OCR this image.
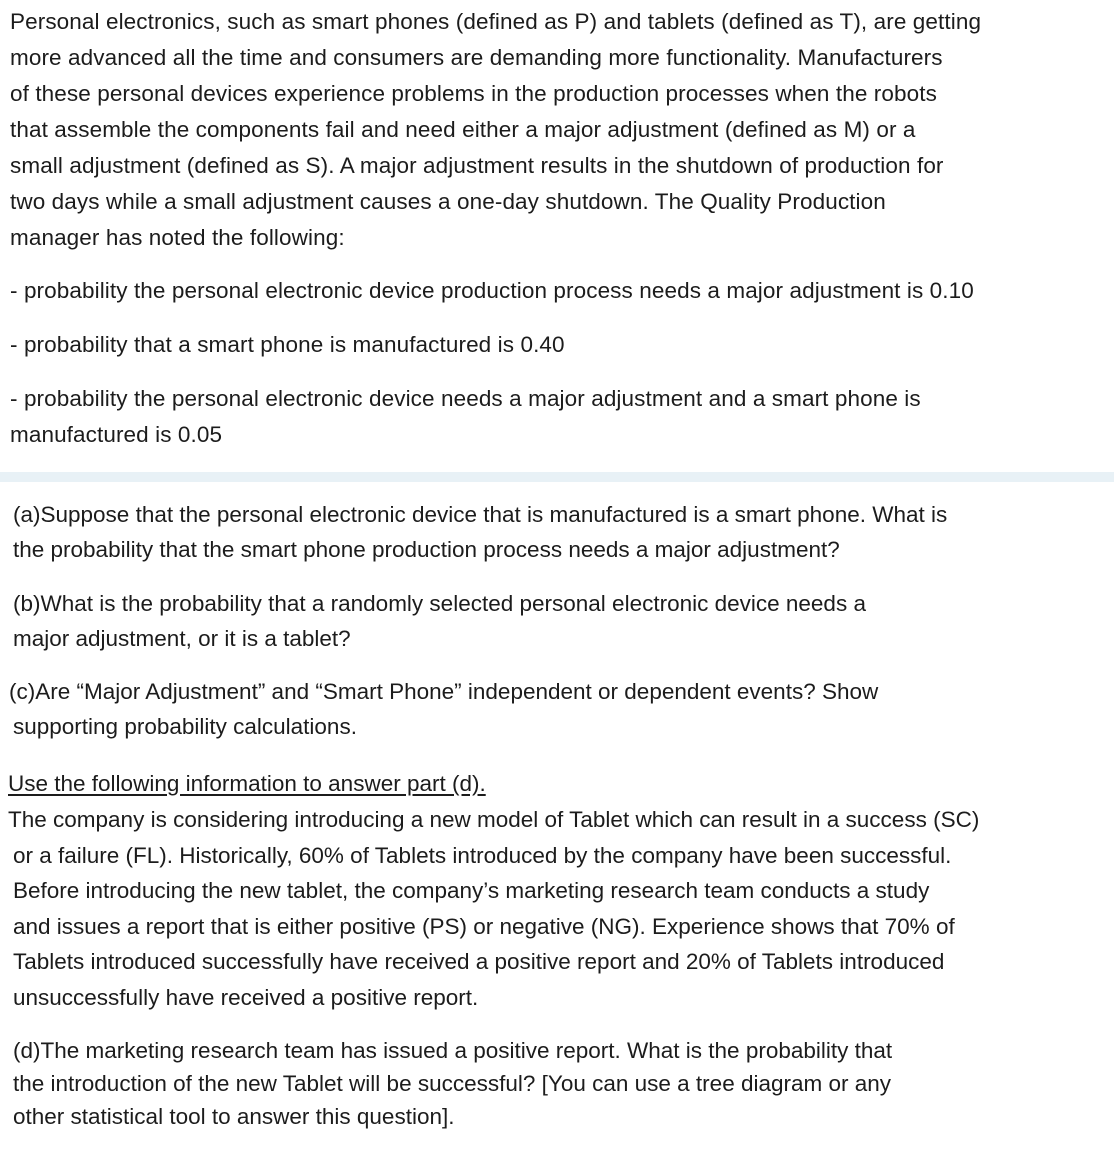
Personal electronics, such as smart phones (defined as P) and tablets (defined as T), are getting
more advanced all the time and consumers are demanding more functionality. Manufacturers
of these personal devices experience problems in the production processes when the robots
that assemble the components fail and need either a major adjustment (defined as M) or a
small adjustment (defined as S). A major adjustment results in the shutdown of production for
two days while a small adjustment causes a one-day shutdown. The Quality Production
manager has noted the following:

- probability the personal electronic device production process needs a major adjustment is 0.10

- probability that a smart phone is manufactured is 0.40

- probability the personal electronic device needs a major adjustment and a smart phone is
manufactured is 0.05

(a)Suppose that the personal electronic device that is manufactured is a smart phone. What is
the probability that the smart phone production process needs a major adjustment?

(b)What is the probability that a randomly selected personal electronic device needs a
major adjustment, or it is a tablet?

(c)Are “Major Adjustment” and “Smart Phone” independent or dependent events? Show
supporting probability calculations.

Use the following information to answer part (d).

The company is considering introducing a new model of Tablet which can result in a success (SC)
or a failure (FL). Historically, 60% of Tablets introduced by the company have been successful.
Before introducing the new tablet, the company’s marketing research team conducts a study
and issues a report that is either positive (PS) or negative (NG). Experience shows that 70% of
Tablets introduced successfully have received a positive report and 20% of Tablets introduced
unsuccessfully have received a positive report.

(d)The marketing research team has issued a positive report. What is the probability that
the introduction of the new Tablet will be successful? [You can use a tree diagram or any
other statistical tool to answer this question].
